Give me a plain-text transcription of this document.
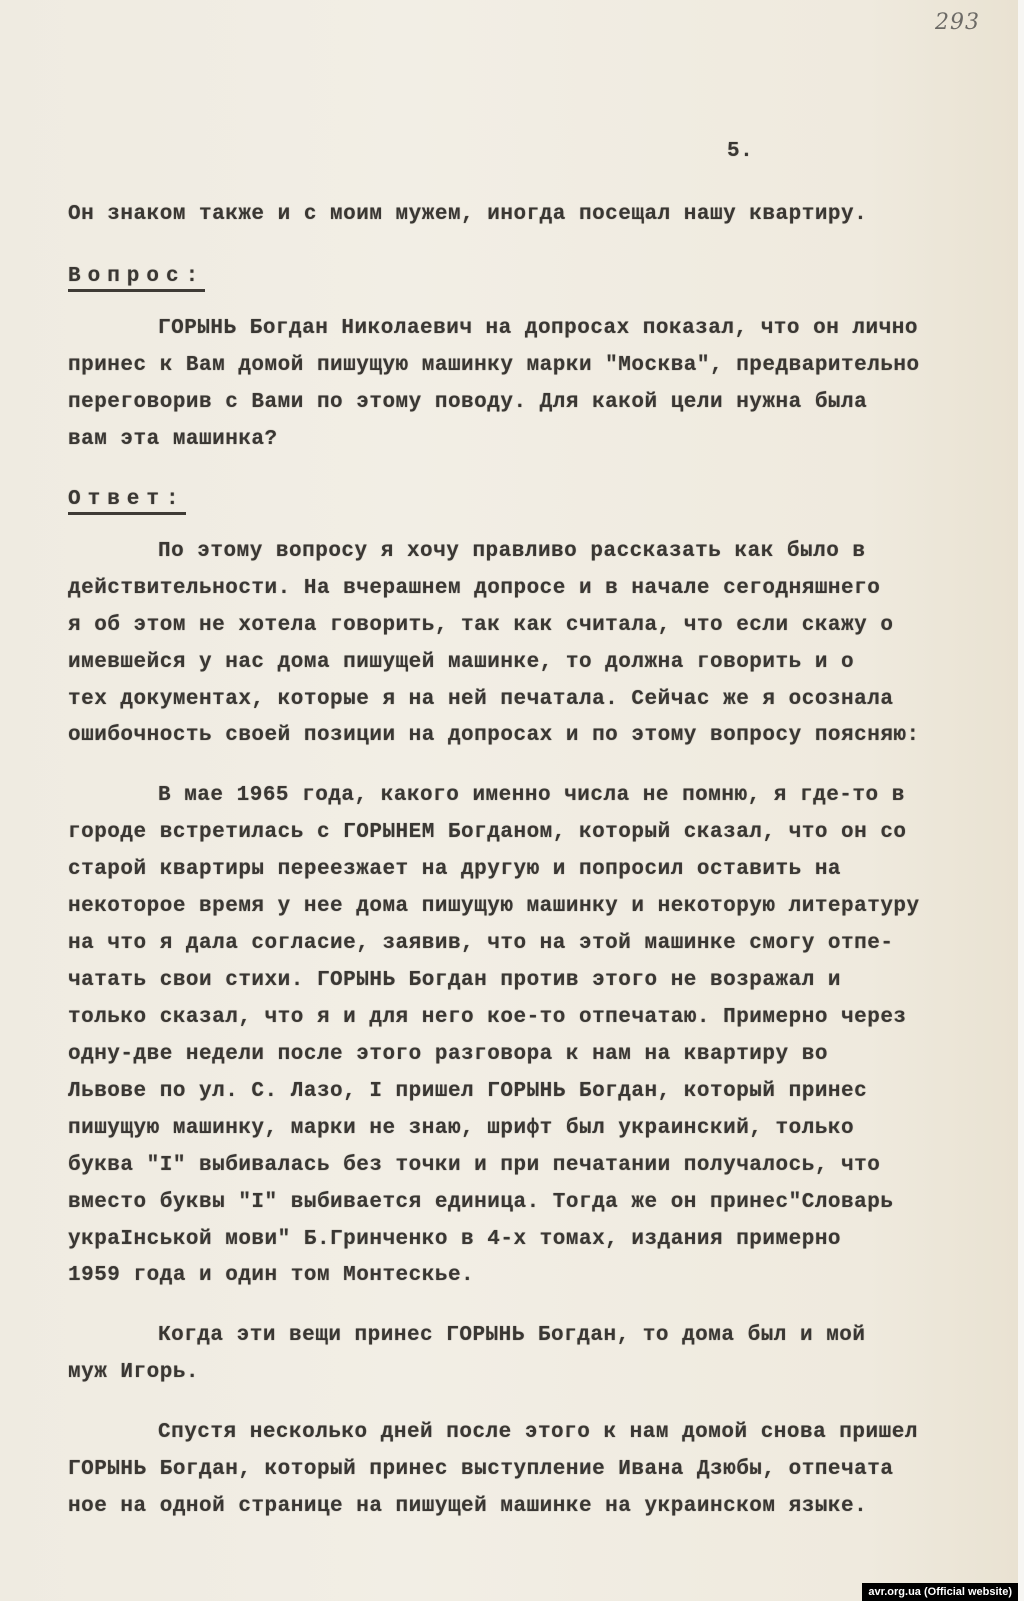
293
5.
Он знаком также и с моим мужем, иногда посещал нашу квартиру.
Вопрос:
ГОРЫНЬ Богдан Николаевич на допросах показал, что он лично
принес к Вам домой пишущую машинку марки "Москва", предварительно
переговорив с Вами по этому поводу. Для какой цели нужна была
вам эта машинка?
Ответ:
По этому вопросу я хочу правливо рассказать как было в
действительности. На вчерашнем допросе и в начале сегодняшнего
я об этом не хотела говорить, так как считала, что если скажу о
имевшейся у нас дома пишущей машинке, то должна говорить и о
тех документах, которые я на ней печатала. Сейчас же я осознала
ошибочность своей позиции на допросах и по этому вопросу поясняю:
В мае 1965 года, какого именно числа не помню, я где-то в
городе встретилась с ГОРЫНЕМ Богданом, который сказал, что он со
старой квартиры переезжает на другую и попросил оставить на
некоторое время у нее дома пишущую машинку и некоторую литературу
на что я дала согласие, заявив, что на этой машинке смогу отпе-
чатать свои стихи. ГОРЫНЬ Богдан против этого не возражал и
только сказал, что я и для него кое-то отпечатаю. Примерно через
одну-две недели после этого разговора к нам на квартиру во
Львове по ул. С. Лазо, I пришел ГОРЫНЬ Богдан, который принес
пишущую машинку, марки не знаю, шрифт был украинский, только
буква "I" выбивалась без точки и при печатании получалось, что
вместо буквы "I" выбивается единица. Тогда же он принес"Словарь
украIнськой мови" Б.Гринченко в 4-х томах, издания примерно
1959 года и один том Монтескье.
Когда эти вещи принес ГОРЫНЬ Богдан, то дома был и мой
муж Игорь.
Спустя несколько дней после этого к нам домой снова пришел
ГОРЫНЬ Богдан, который принес выступление Ивана Дзюбы, отпечата
ное на одной странице на пишущей машинке на украинском языке.
avr.org.ua (Official website)
